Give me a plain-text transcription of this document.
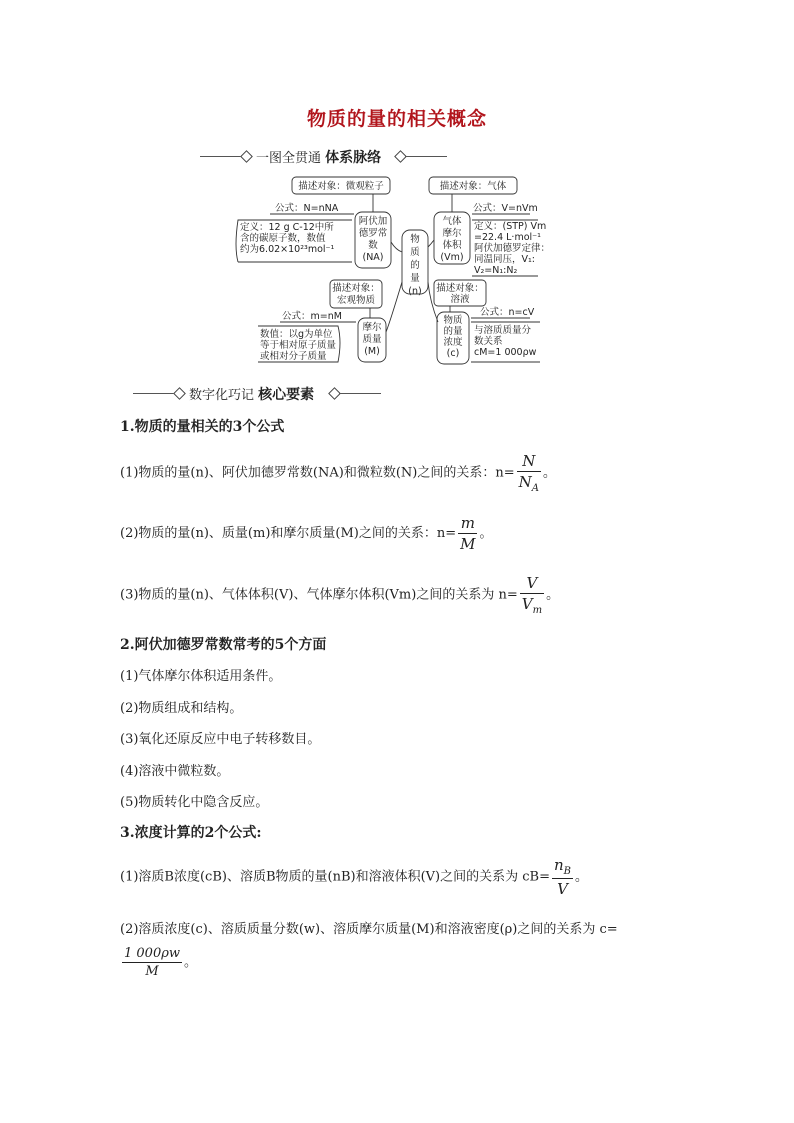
物质的量的相关概念
一图全贯通 体系脉络
物
质
的
量
(n)
阿伏加
德罗常
数
(NA)
描述对象：微观粒子
公式：N=nNA
定义：12 g C-12中所
含的碳原子数，数值
约为6.02×10²³mol⁻¹
气体
摩尔
体积
(Vm)
描述对象：气体
公式：V=nVm
定义：(STP) Vm
=22.4 L·mol⁻¹
阿伏加德罗定律：
同温同压，V₁:
V₂=N₁:N₂
摩尔
质量
(M)
描述对象：
宏观物质
公式：m=nM
数值：以g为单位
等于相对原子质量
或相对分子质量
物质
的量
浓度
(c)
描述对象：
溶液
公式：n=cV
与溶质质量分
数关系
cM=1 000ρw
数字化巧记 核心要素
1.物质的量相关的3个公式
(1)物质的量(n)、阿伏加德罗常数(NA)和微粒数(N)之间的关系：$n= \frac{N}{N_A}$ 。
(2)物质的量(n)、质量(m)和摩尔质量(M)之间的关系：$n= \frac{m}{M}$ 。
(3)物质的量(n)、气体体积(V)、气体摩尔体积(Vm)之间的关系为 $n= \frac{V}{V_m}$ 。
2.阿伏加德罗常数常考的5个方面
(1)气体摩尔体积适用条件。
(2)物质组成和结构。
(3)氧化还原反应中电子转移数目。
(4)溶液中微粒数。
(5)物质转化中隐含反应。
3.浓度计算的2个公式:
(1)溶质B浓度(cB)、溶质B物质的量(nB)和溶液体积(V)之间的关系为 $cB= \frac{n_B}{V}$ 。
(2)溶质浓度(c)、溶质质量分数(w)、溶质摩尔质量(M)和溶液密度(ρ)之间的关系为 c=
$\frac{1 000\rho w}{M}$ 。
